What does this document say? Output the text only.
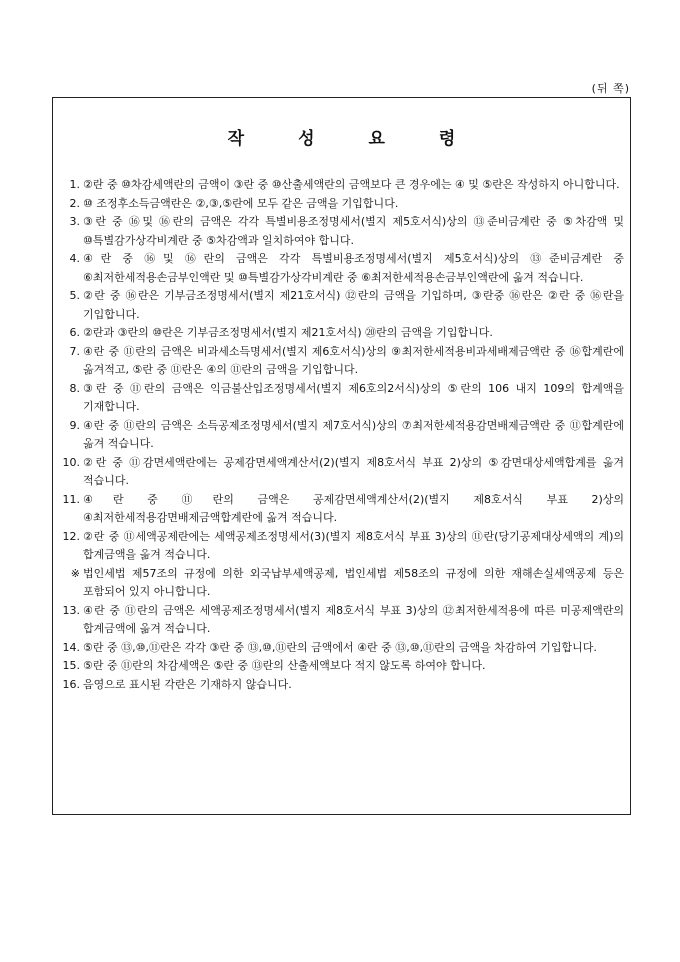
(뒤 쪽)
작성요령
1. ②란 중 ⑩차감세액란의 금액이 ③란 중 ⑩산출세액란의 금액보다 큰 경우에는 ④ 및 ⑤란은 작성하지 아니합니다.
2. ⑩ 조정후소득금액란은 ②,③,⑤란에 모두 같은 금액을 기입합니다.
3. ③란 중 ⑯및 ⑯란의 금액은 각각 특별비용조정명세서(별지 제5호서식)상의 ⑬준비금계란 중 ⑤차감액 및 ⑩특별감가상각비계란 중 ⑤차감액과 일치하여야 합니다.
4. ④란 중 ⑯및 ⑯란의 금액은 각각 특별비용조정명세서(별지 제5호서식)상의 ⑬준비금계란 중 ⑥최저한세적용손금부인액란 및 ⑩특별감가상각비계란 중 ⑥최저한세적용손금부인액란에 옮겨 적습니다.
5. ②란 중 ⑯란은 기부금조정명세서(별지 제21호서식) ⑫란의 금액을 기입하며, ③란중 ⑯란은 ②란 중 ⑯란을 기입합니다.
6. ②란과 ③란의 ⑩란은 기부금조정명세서(별지 제21호서식) ⑳란의 금액을 기입합니다.
7. ④란 중 ⑪란의 금액은 비과세소득명세서(별지 제6호서식)상의 ⑨최저한세적용비과세배제금액란 중 ⑯합계란에 옮겨적고, ⑤란 중 ⑪란은 ④의 ⑪란의 금액을 기입합니다.
8. ③란 중 ⑪란의 금액은 익금불산입조정명세서(별지 제6호의2서식)상의 ⑤란의 106 내지 109의 합계액을 기재합니다.
9. ④란 중 ⑪란의 금액은 소득공제조정명세서(별지 제7호서식)상의 ⑦최저한세적용감면배제금액란 중 ⑪합계란에 옮겨 적습니다.
10. ②란 중 ⑪감면세액란에는 공제감면세액계산서(2)(별지 제8호서식 부표 2)상의 ⑤감면대상세액합계를 옮겨 적습니다.
11. ④란 중 ⑪란의 금액은 공제감면세액계산서(2)(별지 제8호서식 부표 2)상의 ④최저한세적용감면배제금액합계란에 옮겨 적습니다.
12. ②란 중 ⑪세액공제란에는 세액공제조정명세서(3)(별지 제8호서식 부표 3)상의 ⑪란(당기공제대상세액의 계)의 합계금액을 옮겨 적습니다.
※ 법인세법 제57조의 규정에 의한 외국납부세액공제, 법인세법 제58조의 규정에 의한 재해손실세액공제 등은 포함되어 있지 아니합니다.
13. ④란 중 ⑪란의 금액은 세액공제조정명세서(별지 제8호서식 부표 3)상의 ⑫최저한세적용에 따른 미공제액란의 합계금액에 옮겨 적습니다.
14. ⑤란 중 ⑬,⑩,⑪란은 각각 ③란 중 ⑬,⑩,⑪란의 금액에서 ④란 중 ⑬,⑩,⑪란의 금액을 차감하여 기입합니다.
15. ⑤란 중 ⑪란의 차감세액은 ⑤란 중 ⑬란의 산출세액보다 적지 않도록 하여야 합니다.
16. 음영으로 표시된 각란은 기재하지 않습니다.
